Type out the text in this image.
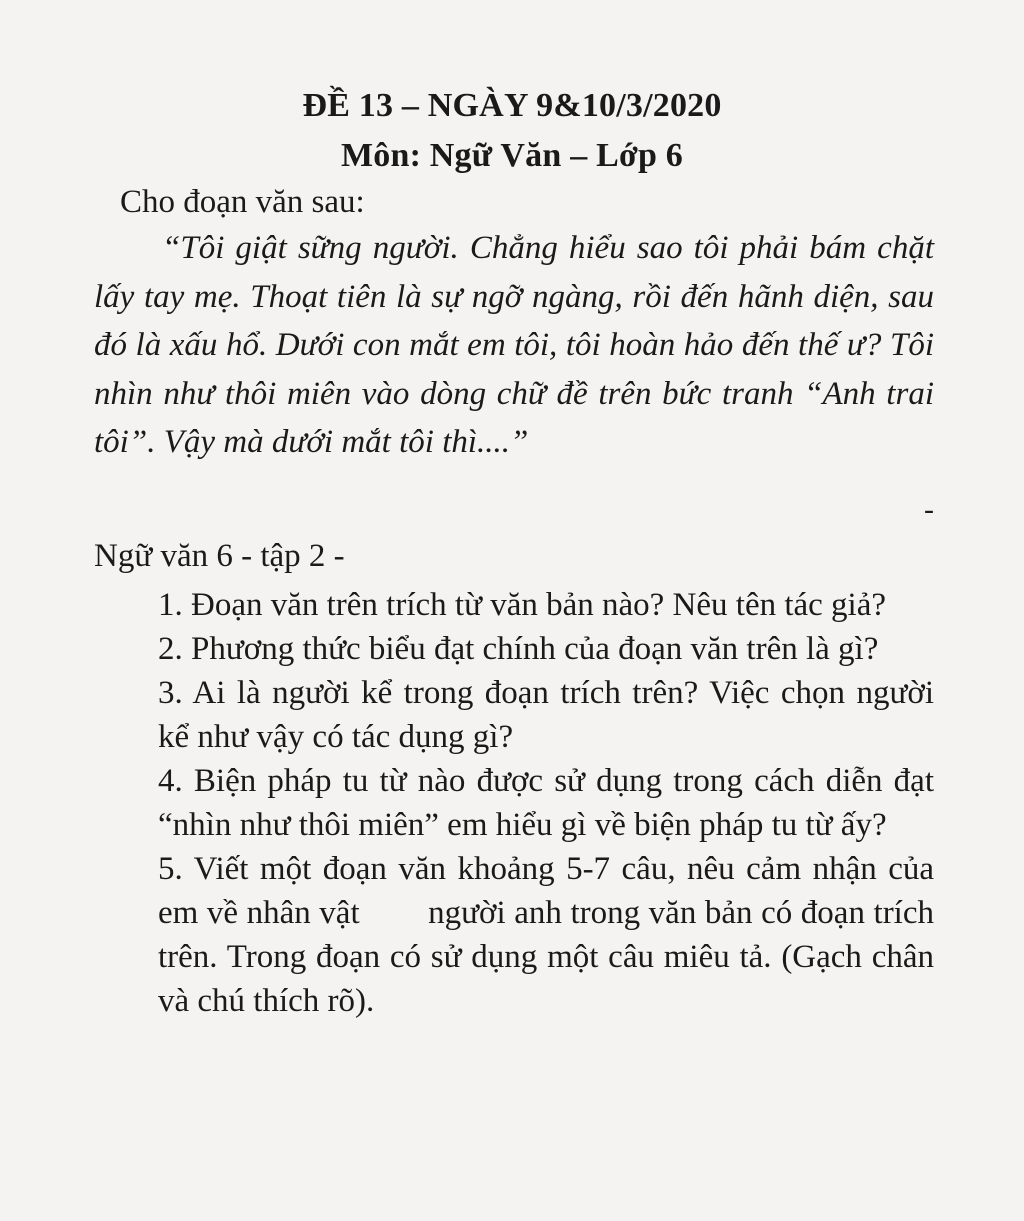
ĐỀ 13 – NGÀY 9&10/3/2020
Môn: Ngữ Văn – Lớp 6
Cho đoạn văn sau:

“Tôi giật sững người. Chẳng hiểu sao tôi phải bám chặt lấy tay mẹ. Thoạt tiên là sự ngỡ ngàng, rồi đến hãnh diện, sau đó là xấu hổ. Dưới con mắt em tôi, tôi hoàn hảo đến thế ư? Tôi nhìn như thôi miên vào dòng chữ đề trên bức tranh “Anh trai tôi”. Vậy mà dưới mắt tôi thì....”

-
Ngữ văn 6 - tập 2 -
1. Đoạn văn trên trích từ văn bản nào? Nêu tên tác giả?
2. Phương thức biểu đạt chính của đoạn văn trên là gì?
3. Ai là người kể trong đoạn trích trên? Việc chọn người kể như vậy có tác dụng gì?
4. Biện pháp tu từ nào được sử dụng trong cách diễn đạt “nhìn như thôi miên” em hiểu gì về biện pháp tu từ ấy?
5. Viết một đoạn văn khoảng 5-7 câu, nêu cảm nhận của em về nhân vật        người anh trong văn bản có đoạn trích trên. Trong đoạn có sử dụng một câu miêu tả. (Gạch chân và chú thích rõ).
